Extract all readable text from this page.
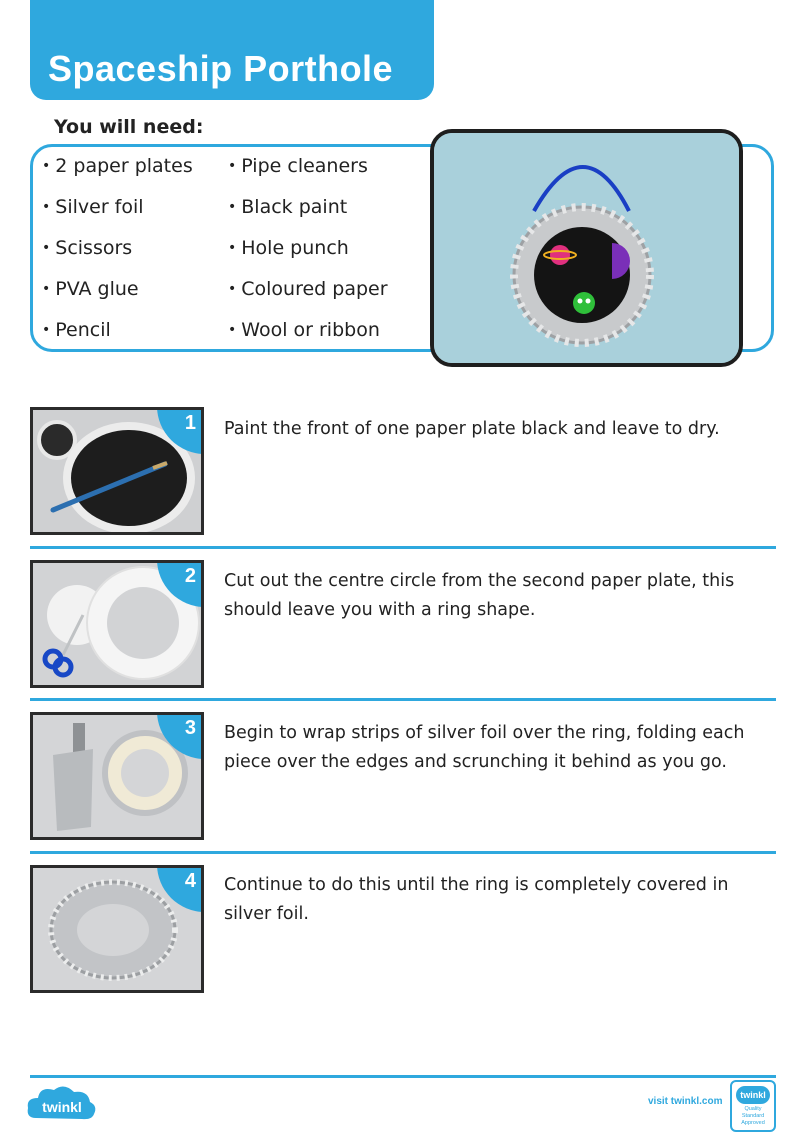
Spaceship Porthole
You will need:
• 2 paper plates
• Silver foil
• Scissors
• PVA glue
• Pencil
• Pipe cleaners
• Black paint
• Hole punch
• Coloured paper
• Wool or ribbon
1 Paint the front of one paper plate black and leave to dry.
2 Cut out the centre circle from the second paper plate, this should leave you with a ring shape.
3 Begin to wrap strips of silver foil over the ring, folding each piece over the edges and scrunching it behind as you go.
4 Continue to do this until the ring is completely covered in silver foil.
twinkl	visit twinkl.com
twinkl
Quality Standard Approved
